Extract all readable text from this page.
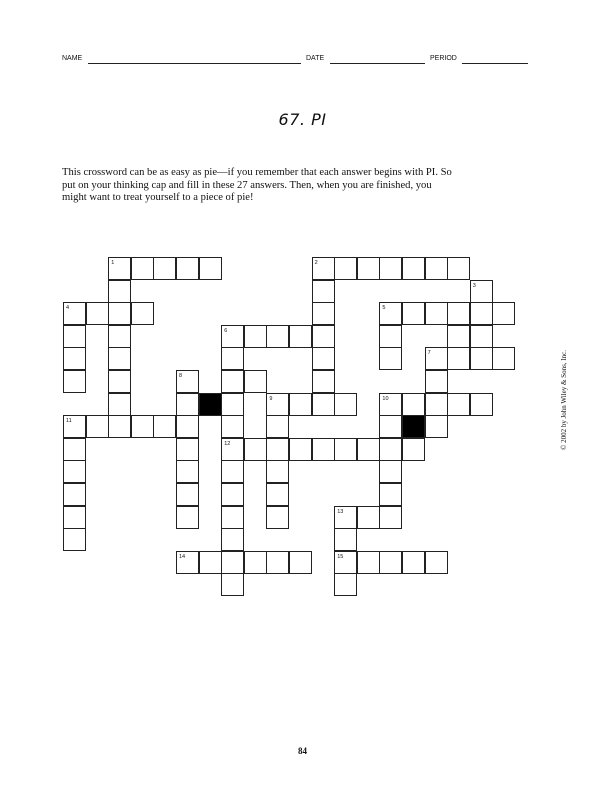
NAME	DATE	PERIOD
67. PI
This crossword can be as easy as pie—if you remember that each answer begins with PI. So
put on your thinking cap and fill in these 27 answers. Then, when you are finished, you
might want to treat yourself to a piece of pie!
1	2
3
4	5
6
7
8
9	10
11
12
13
14	15
© 2002 by John Wiley & Sons, Inc.
84
